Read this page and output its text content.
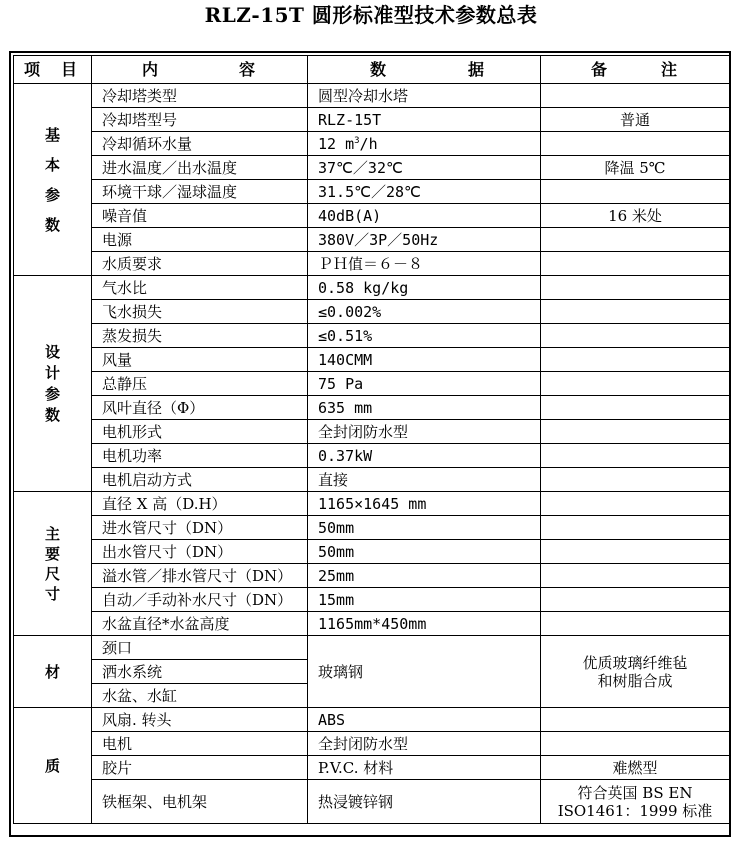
RLZ-15T 圆形标准型技术参数总表
项 目	内 容	数 据	备 注

基
本
参
数	冷却塔类型	圆型冷却水塔	
	冷却塔型号	RLZ-15T	普通
	冷却循环水量	12 $m^3/h$	
	进水温度／出水温度	37℃／32℃	降温 5℃
	环境干球／湿球温度	31.5℃／28℃	
	噪音值	40dB(A)	16 米处
	电源	380V／3P／50Hz	
	水质要求	ＰＨ值＝６－８	

设
计
参
数	气水比	0.58 kg/kg	
	飞水损失	≤0.002%	
	蒸发损失	≤0.51%	
	风量	140CMM	
	总静压	75 Pa	
	风叶直径（Φ）	635 mm	
	电机形式	全封闭防水型	
	电机功率	0.37kW	
	电机启动方式	直接	

主
要
尺
寸	直径 X 高（D.H）	1165×1645 mm	
	进水管尺寸（DN）	50mm	
	出水管尺寸（DN）	50mm	
	溢水管／排水管尺寸（DN）	25mm	
	自动／手动补水尺寸（DN）	15mm	
	水盆直径*水盆高度	1165mm*450mm	
材	颈口	玻璃钢	优质玻璃纤维毡
和树脂合成

	洒水系统		
	水盆、水缸		
质	风扇. 转头	ABS	
	电机	全封闭防水型	
	胶片	P.V.C. 材料	难燃型
	铁框架、电机架	热浸镀锌钢	符合英国 BS EN
ISO1461：1999 标准
